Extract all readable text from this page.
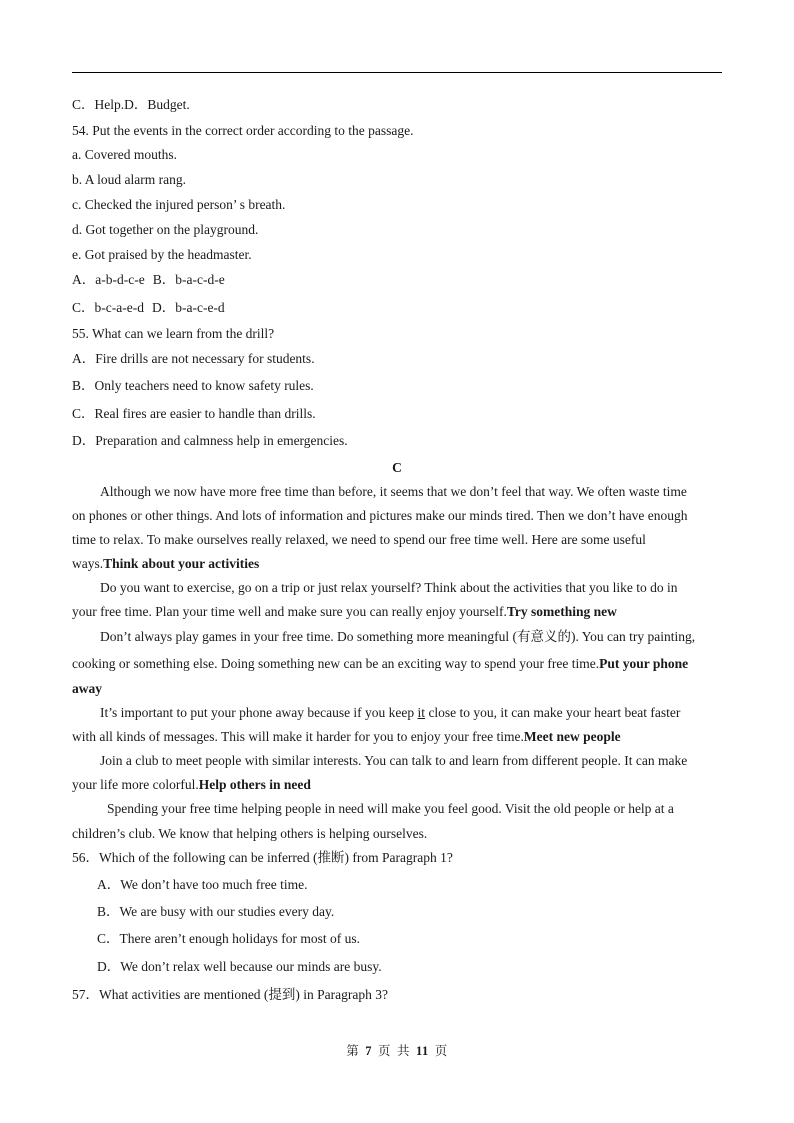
C．Help.D．Budget.
54. Put the events in the correct order according to the passage.
a. Covered mouths.
b. A loud alarm rang.
c. Checked the injured person’ s breath.
d. Got together on the playground.
e. Got praised by the headmaster.
A．a-b-d-c-e B．b-a-c-d-e
C．b-c-a-e-d D．b-a-c-e-d
55. What can we learn from the drill?
A．Fire drills are not necessary for students.
B．Only teachers need to know safety rules.
C．Real fires are easier to handle than drills.
D．Preparation and calmness help in emergencies.
C
Although we now have more free time than before, it seems that we don’t feel that way. We often waste time
on phones or other things. And lots of information and pictures make our minds tired. Then we don’t have enough
time to relax. To make ourselves really relaxed, we need to spend our free time well. Here are some useful
ways.Think about your activities
Do you want to exercise, go on a trip or just relax yourself? Think about the activities that you like to do in
your free time. Plan your time well and make sure you can really enjoy yourself.Try something new
Don’t always play games in your free time. Do something more meaningful (有意义的). You can try painting,
cooking or something else. Doing something new can be an exciting way to spend your free time.Put your phone
away
It’s important to put your phone away because if you keep it close to you, it can make your heart beat faster
with all kinds of messages. This will make it harder for you to enjoy your free time.Meet new people
Join a club to meet people with similar interests. You can talk to and learn from different people. It can make
your life more colorful.Help others in need
Spending your free time helping people in need will make you feel good. Visit the old people or help at a
children’s club. We know that helping others is helping ourselves.
56．Which of the following can be inferred (推断) from Paragraph 1?
A．We don’t have too much free time.
B．We are busy with our studies every day.
C．There aren’t enough holidays for most of us.
D．We don’t relax well because our minds are busy.
57．What activities are mentioned (提到) in Paragraph 3?
第 7 页 共 11 页
